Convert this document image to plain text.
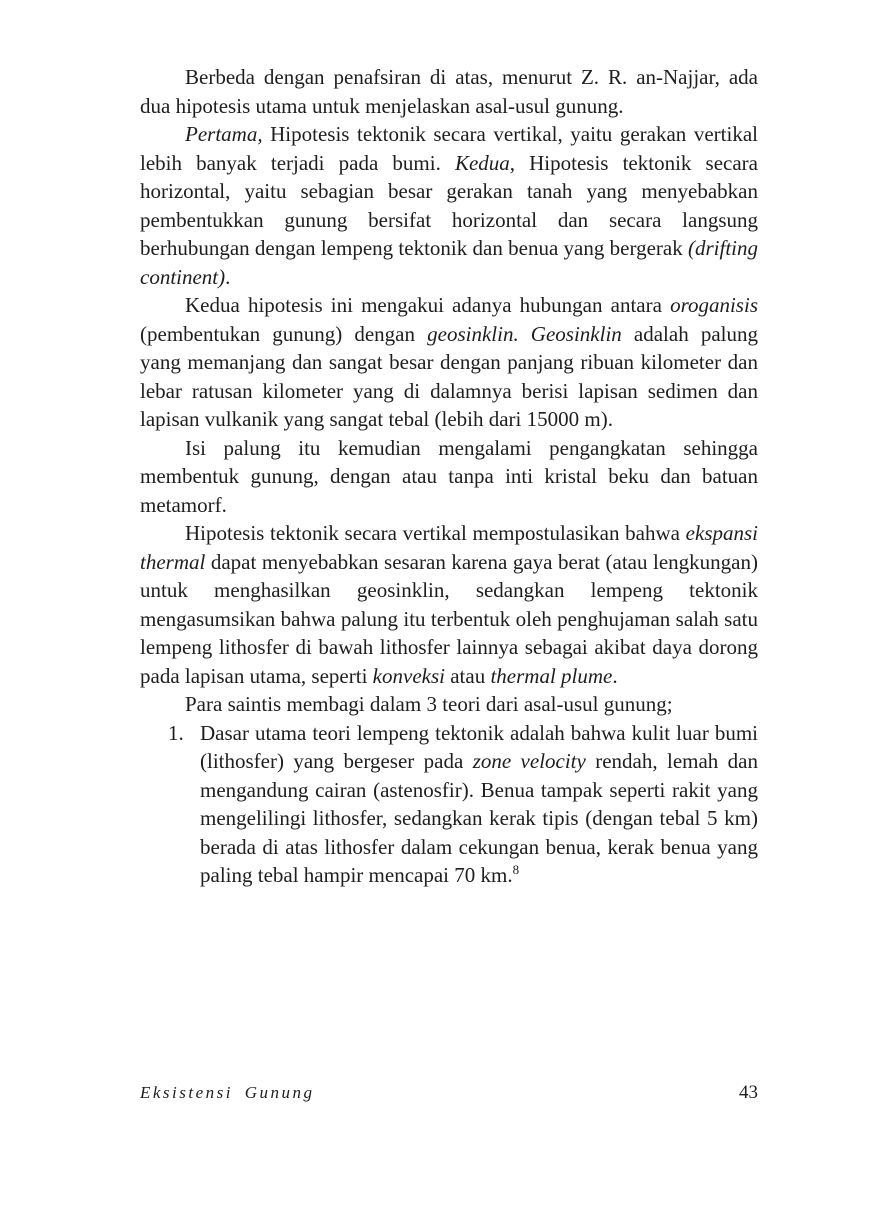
Berbeda dengan penafsiran di atas, menurut Z. R. an-Najjar, ada dua hipotesis utama untuk menjelaskan asal-usul gunung.

Pertama, Hipotesis tektonik secara vertikal, yaitu gerakan vertikal lebih banyak terjadi pada bumi. Kedua, Hipotesis tektonik secara horizontal, yaitu sebagian besar gerakan tanah yang menyebabkan pembentukkan gunung bersifat horizontal dan secara langsung berhubungan dengan lempeng tektonik dan benua yang bergerak (drifting continent).

Kedua hipotesis ini mengakui adanya hubungan antara oroganisis (pembentukan gunung) dengan geosinklin. Geosinklin adalah palung yang memanjang dan sangat besar dengan panjang ribuan kilometer dan lebar ratusan kilometer yang di dalamnya berisi lapisan sedimen dan lapisan vulkanik yang sangat tebal (lebih dari 15000 m).

Isi palung itu kemudian mengalami pengangkatan sehingga membentuk gunung, dengan atau tanpa inti kristal beku dan batuan metamorf.

Hipotesis tektonik secara vertikal mempostulasikan bahwa ekspansi thermal dapat menyebabkan sesaran karena gaya berat (atau lengkungan) untuk menghasilkan geosinklin, sedangkan lempeng tektonik mengasumsikan bahwa palung itu terbentuk oleh penghujaman salah satu lempeng lithosfer di bawah lithosfer lainnya sebagai akibat daya dorong pada lapisan utama, seperti konveksi atau thermal plume.

Para saintis membagi dalam 3 teori dari asal-usul gunung;

1. Dasar utama teori lempeng tektonik adalah bahwa kulit luar bumi (lithosfer) yang bergeser pada zone velocity rendah, lemah dan mengandung cairan (astenosfir). Benua tampak seperti rakit yang mengelilingi lithosfer, sedangkan kerak tipis (dengan tebal 5 km) berada di atas lithosfer dalam cekungan benua, kerak benua yang paling tebal hampir mencapai 70 km.$^8$
Eksistensi Gunung	43
